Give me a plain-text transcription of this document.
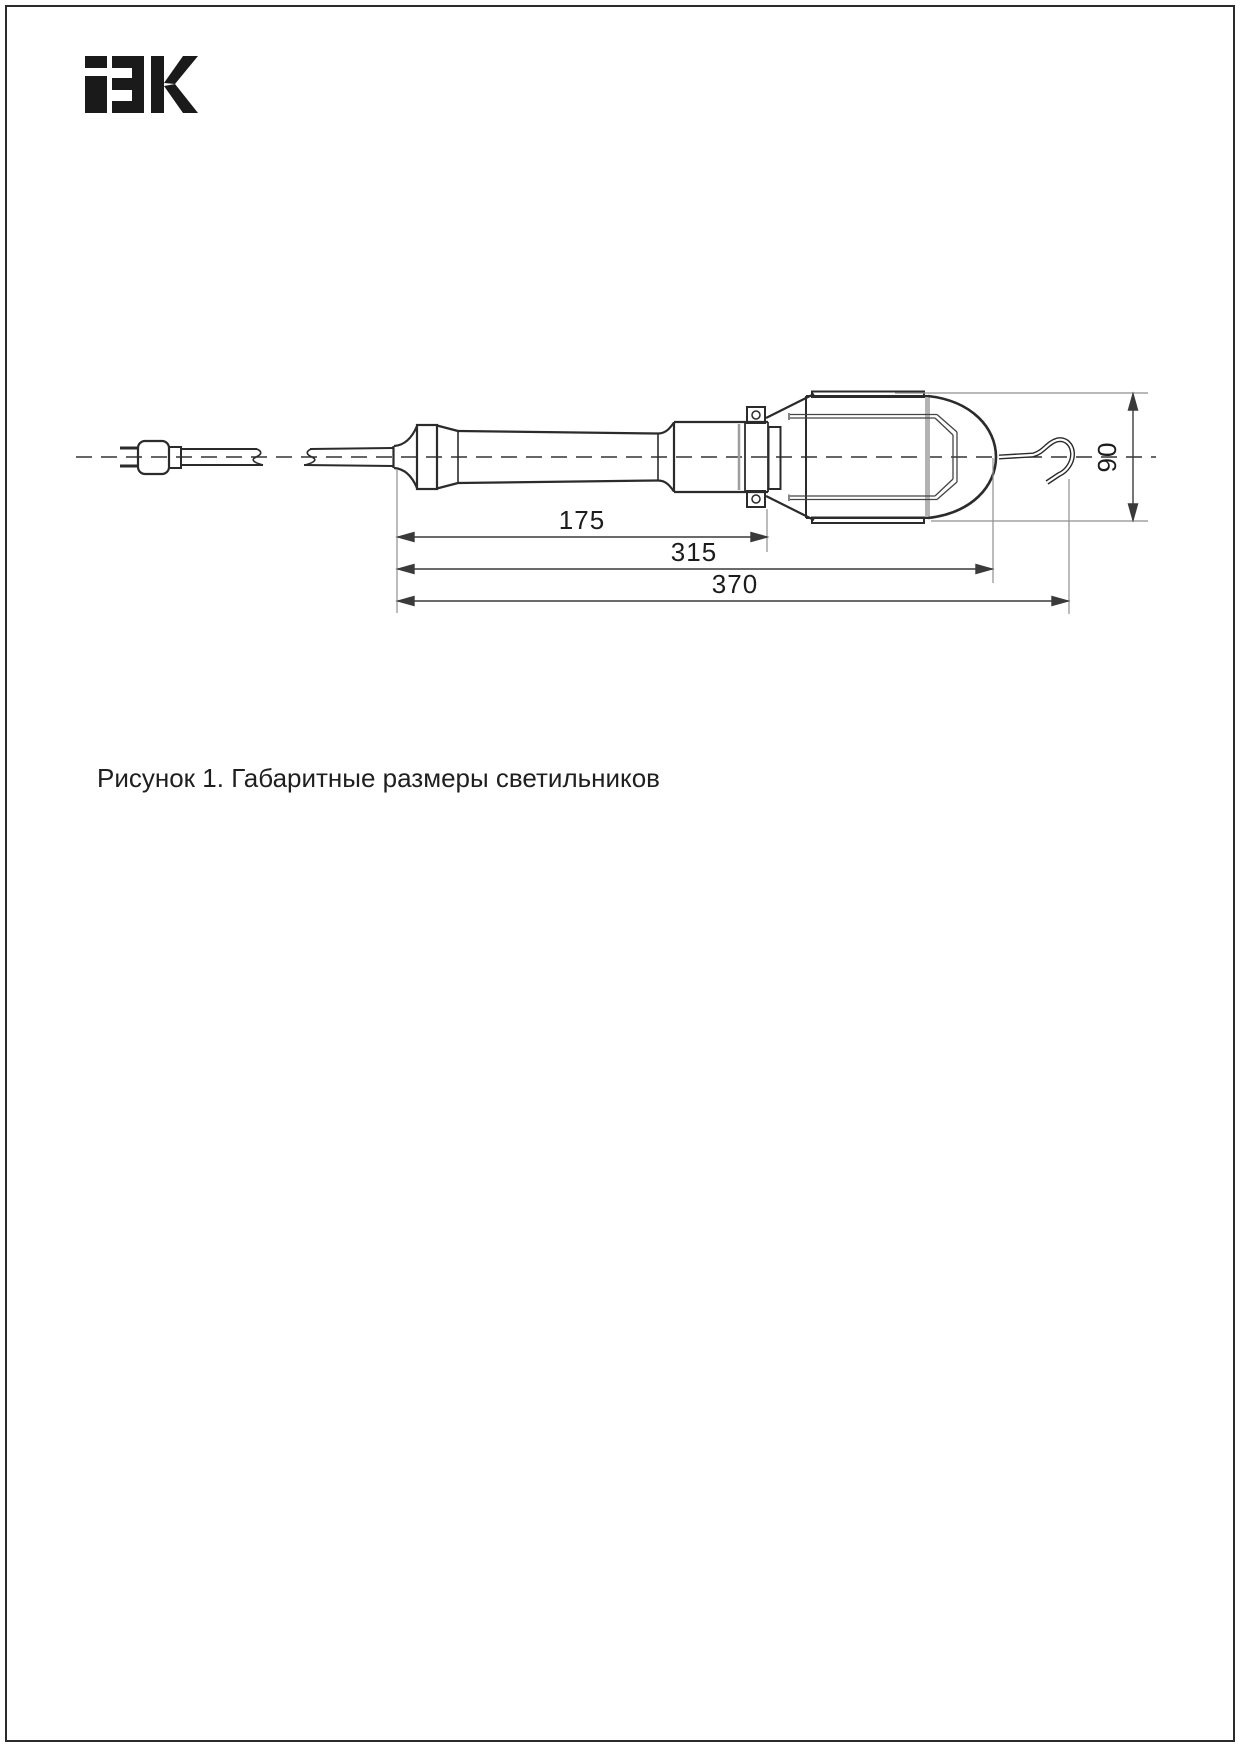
175
315
370
90
Рисунок 1. Габаритные размеры светильников
